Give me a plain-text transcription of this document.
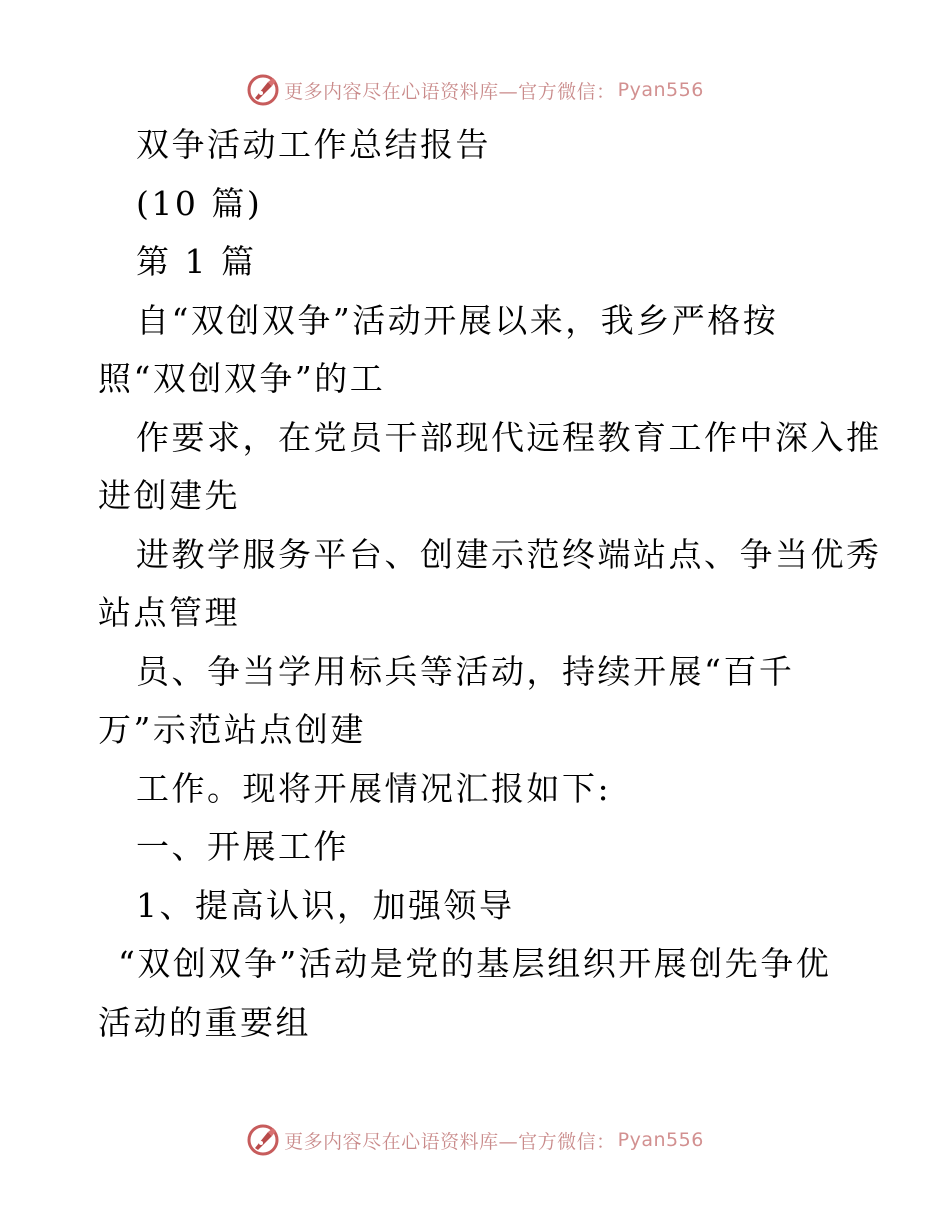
更多内容尽在心语资料库—官方微信： Pyan556
双争活动工作总结报告
(10 篇)
第 1 篇
自“双创双争”活动开展以来，我乡严格按
照“双创双争”的工
作要求，在党员干部现代远程教育工作中深入推
进创建先
进教学服务平台、创建示范终端站点、争当优秀
站点管理
员、争当学用标兵等活动，持续开展“百千
万”示范站点创建
工作。现将开展情况汇报如下:
一、开展工作
1、提高认识，加强领导
“双创双争”活动是党的基层组织开展创先争优
活动的重要组
更多内容尽在心语资料库—官方微信： Pyan556
